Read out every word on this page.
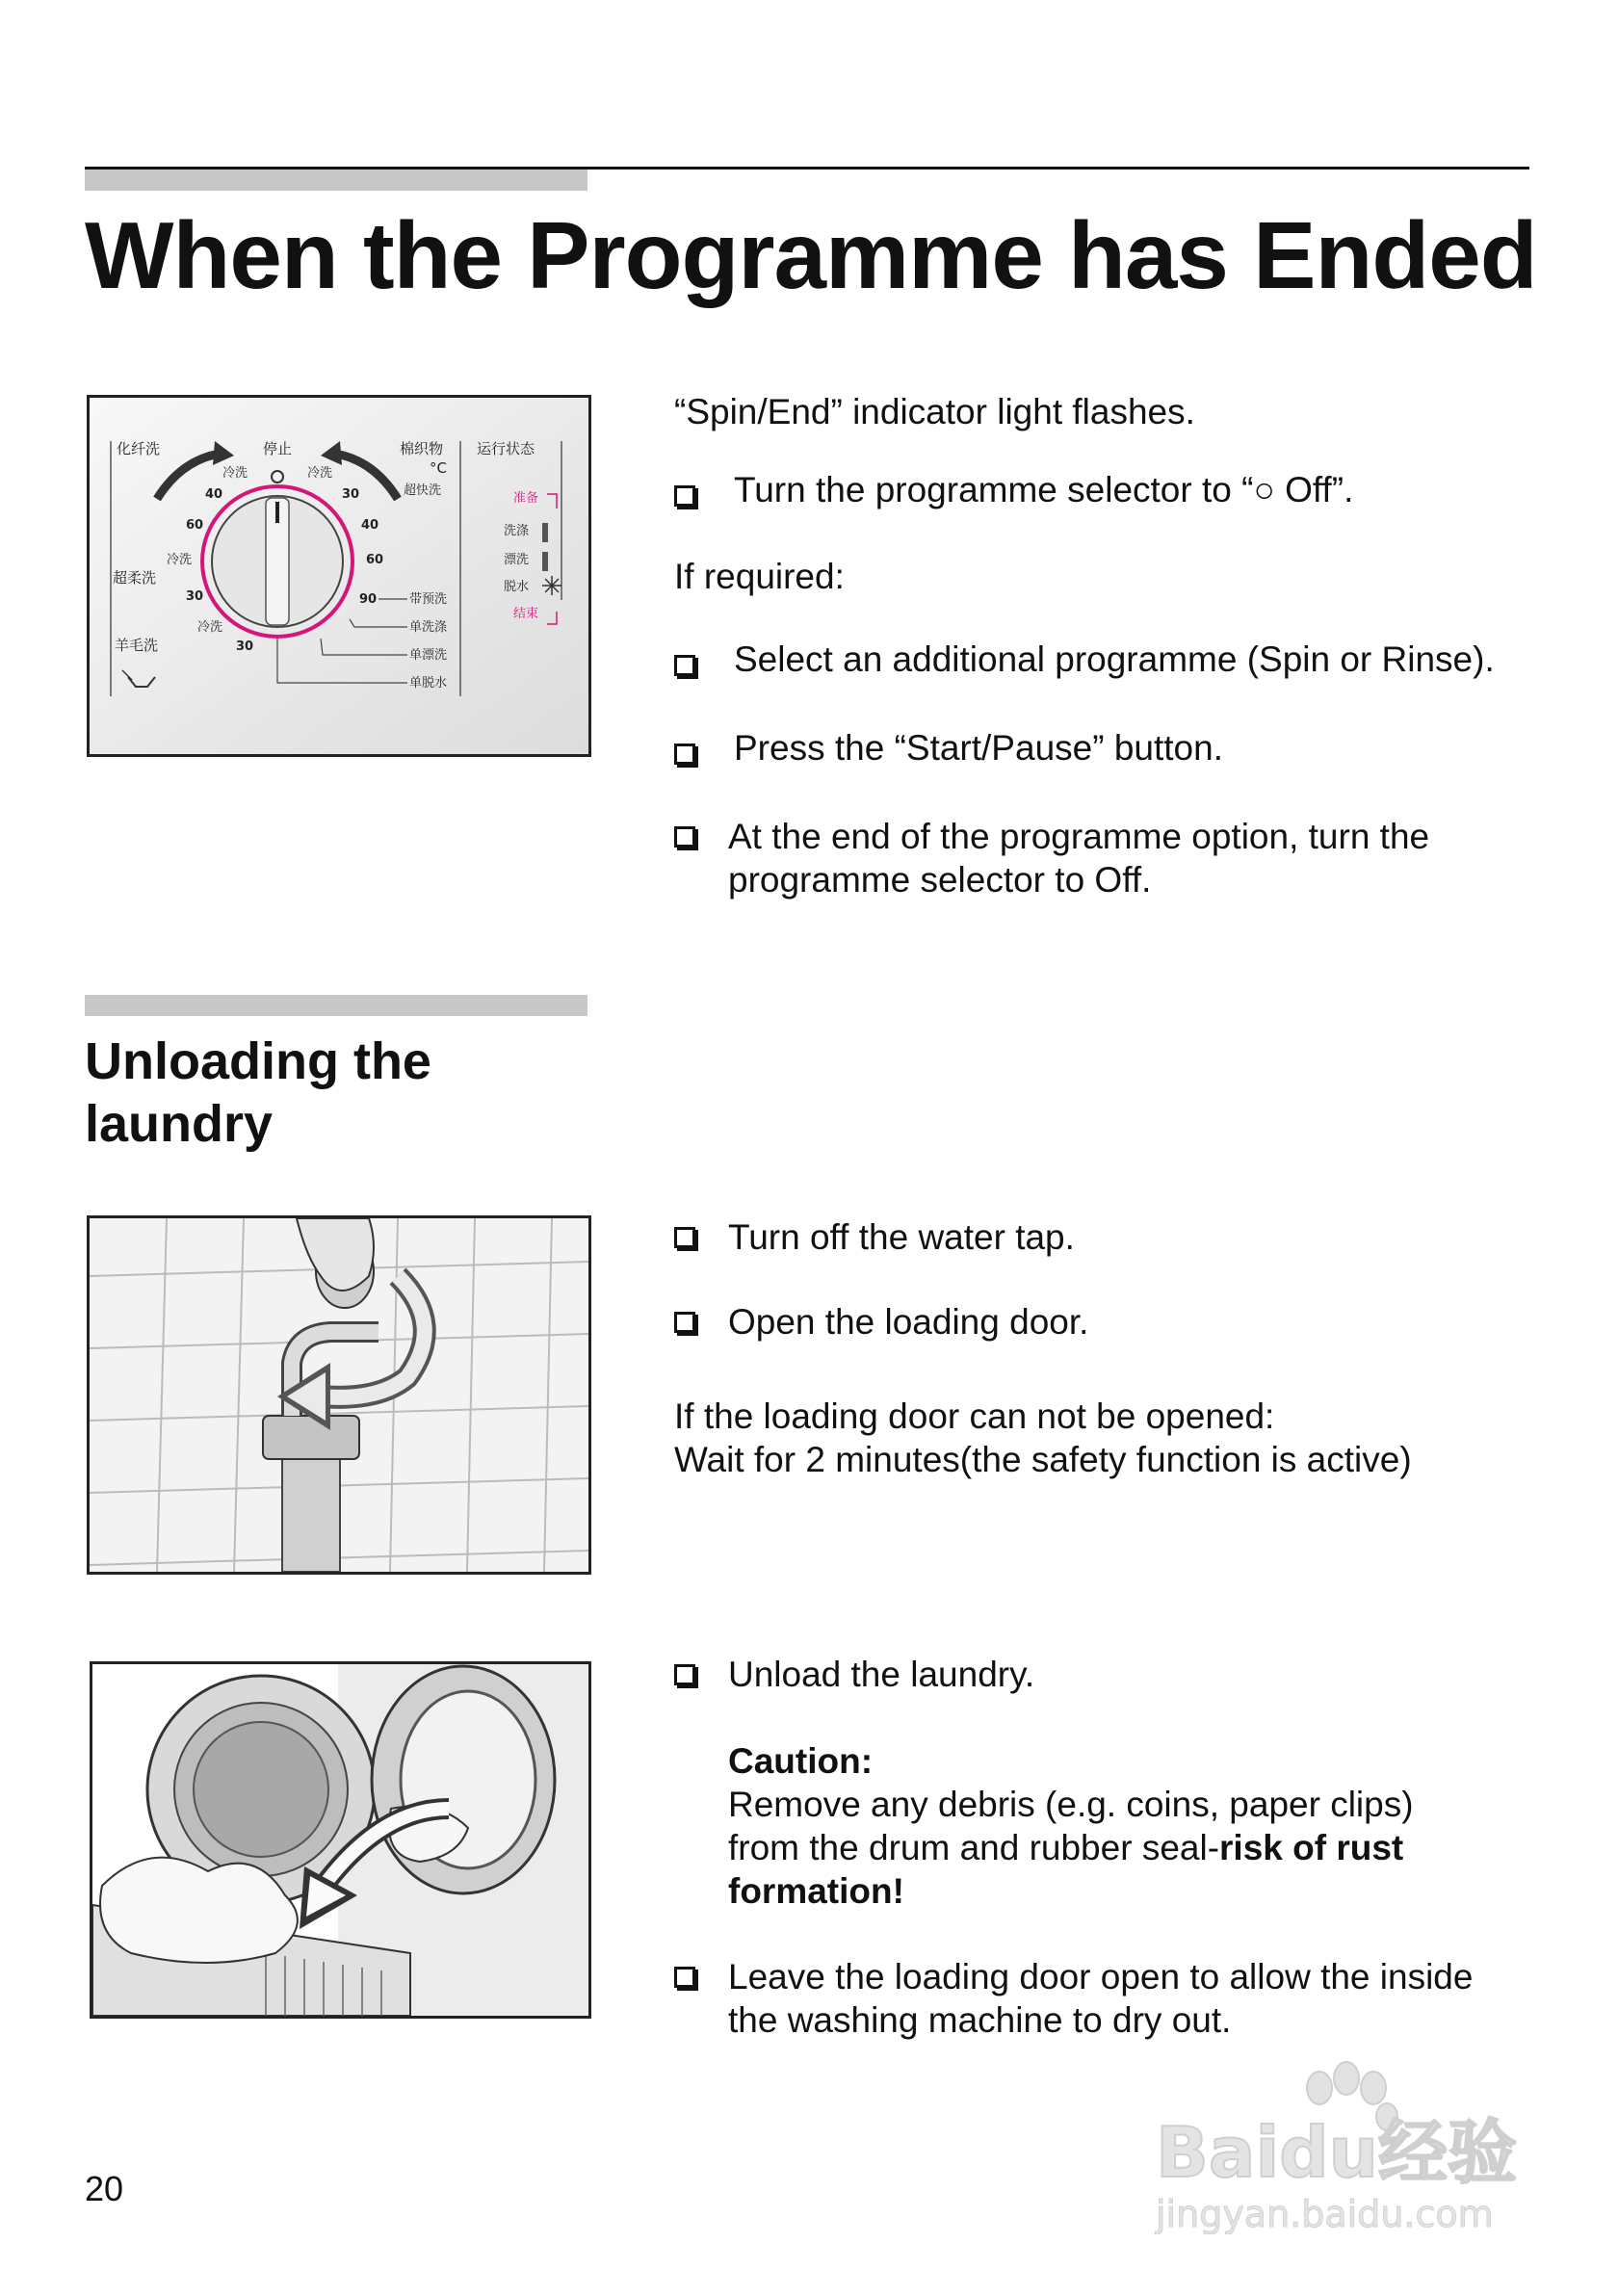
When the Programme has Ended
化纤洗	停止	棉织物 运行状态
°C
冷洗	冷洗
超快洗
40	30
60	40
冷洗	60
超柔洗
30	90	带预洗
冷洗	单洗涤
羊毛洗	30
单漂洗
单脱水
准备
洗涤
漂洗
脱水
结束
“Spin/End” indicator light flashes.
Turn the programme selector to “○ Off”.
If required:
Select an additional programme (Spin or Rinse).
Press the “Start/Pause” button.
At the end of the programme option, turn the
programme selector to Off.
Unloading the
laundry
Turn off the water tap.
Open the loading door.
If the loading door can not be opened:
Wait for 2 minutes(the safety function is active)
Unload the laundry.
Caution:
Remove any debris (e.g. coins, paper clips)
from the drum and rubber seal-risk of rust
formation!
Leave the loading door open to allow the inside
the washing machine to dry out.
20	Baidu经验
jingyan.baidu.com
